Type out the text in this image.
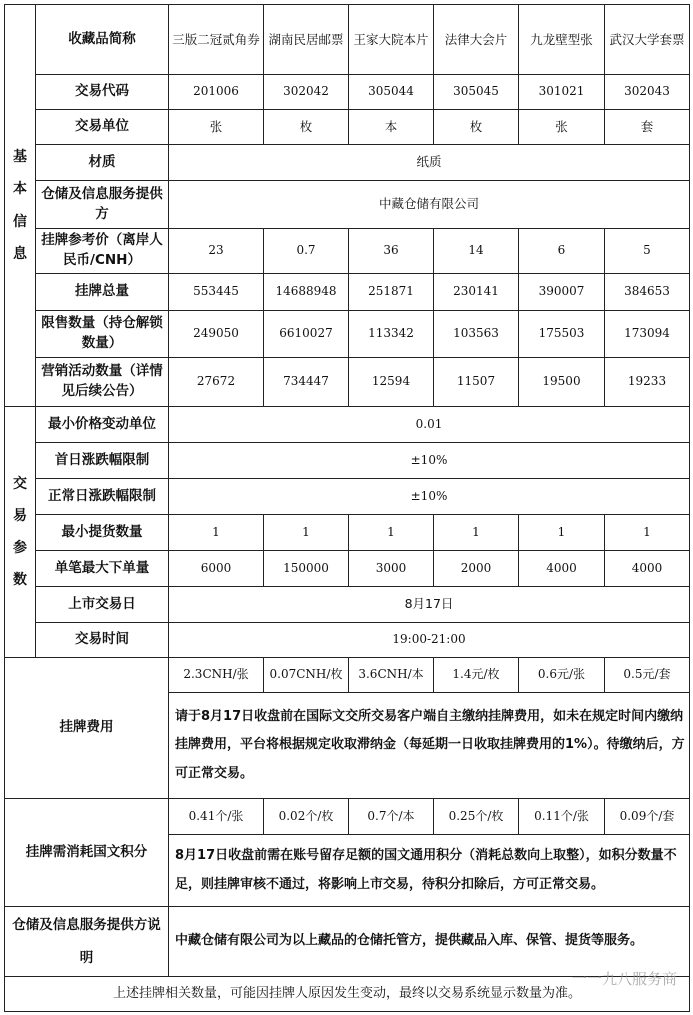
基本信息	收藏品简称	三版二冠贰角券	湖南民居邮票	王家大院本片	法律大会片	九龙壁型张	武汉大学套票
	交易代码	201006	302042	305044	305045	301021	302043
	交易单位	张	枚	本	枚	张	套
	材质	纸质					
	仓储及信息服务提供方	中藏仓储有限公司					
	挂牌参考价（离岸人民币/CNH）	23	0.7	36	14	6	5
	挂牌总量	553445	14688948	251871	230141	390007	384653
	限售数量（持仓解锁数量）	249050	6610027	113342	103563	175503	173094
	营销活动数量（详情见后续公告）	27672	734447	12594	11507	19500	19233
交易参数	最小价格变动单位	0.01					
	首日涨跌幅限制	±10%					
	正常日涨跌幅限制	±10%					
	最小提货数量	1	1	1	1	1	1
	单笔最大下单量	6000	150000	3000	2000	4000	4000
	上市交易日	8月17日					
	交易时间	19:00-21:00					
挂牌费用		2.3CNH/张	0.07CNH/枚	3.6CNH/本	1.4元/枚	0.6元/张	0.5元/套
		请于8月17日收盘前在国际文交所交易客户端自主缴纳挂牌费用，如未在规定时间内缴纳挂牌费用，平台将根据规定收取滞纳金（每延期一日收取挂牌费用的1%）。待缴纳后，方可正常交易。					
挂牌需消耗国文积分		0.41个/张	0.02个/枚	0.7个/本	0.25个/枚	0.11个/张	0.09个/套
		8月17日收盘前需在账号留存足额的国文通用积分（消耗总数向上取整），如积分数量不足，则挂牌审核不通过，将影响上市交易，待积分扣除后，方可正常交易。					
仓储及信息服务提供方说明		中藏仓储有限公司为以上藏品的仓储托管方，提供藏品入库、保管、提货等服务。					

一一九八服务商
上述挂牌相关数量，可能因挂牌人原因发生变动，最终以交易系统显示数量为准。							
